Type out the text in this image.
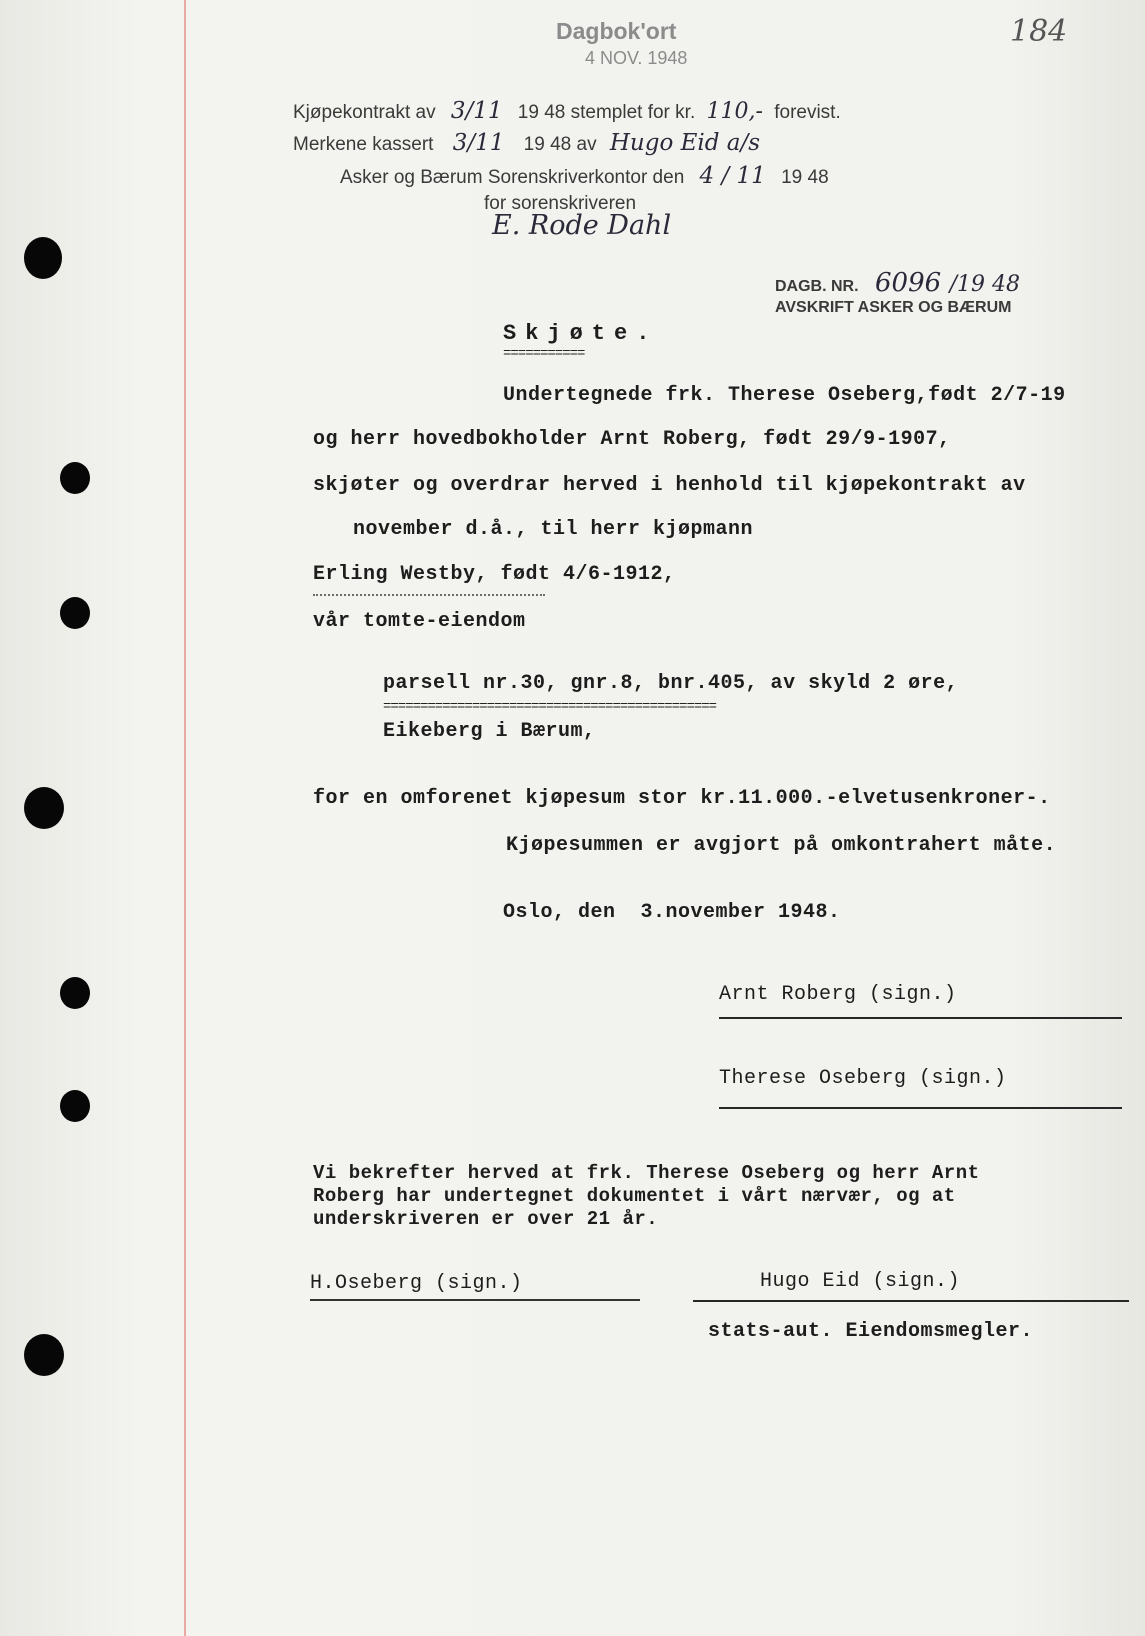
Dagbok'ort
4 NOV. 1948
184
Kjøpekontrakt av 3/11 19 48 stemplet for kr. 110,- forevist.
Merkene kassert 3/11 19 48 av Hugo Eid a/s
Asker og Bærum Sorenskriverkontor den 4 / 11 19 48
for sorenskriveren
E. Rode Dahl
DAGB. NR. 6096 /19 48
AVSKRIFT ASKER OG BÆRUM
Skjøte.
===========
Undertegnede frk. Therese Oseberg,født 2/7-19
og herr hovedbokholder Arnt Roberg, født 29/9-1907,
skjøter og overdrar herved i henhold til kjøpekontrakt av
november d.å., til herr kjøpmann
Erling Westby, født 4/6-1912,
vår tomte-eiendom
parsell nr.30, gnr.8, bnr.405, av skyld 2 øre,
=============================================
Eikeberg i Bærum,
for en omforenet kjøpesum stor kr.11.000.-elvetusenkroner-.
Kjøpesummen er avgjort på omkontrahert måte.
Oslo, den  3.november 1948.
Arnt Roberg (sign.)
Therese Oseberg (sign.)
Vi bekrefter herved at frk. Therese Oseberg og herr Arnt
Roberg har undertegnet dokumentet i vårt nærvær, og at
underskriveren er over 21 år.
H.Oseberg (sign.)	Hugo Eid (sign.)
stats-aut. Eiendomsmegler.
